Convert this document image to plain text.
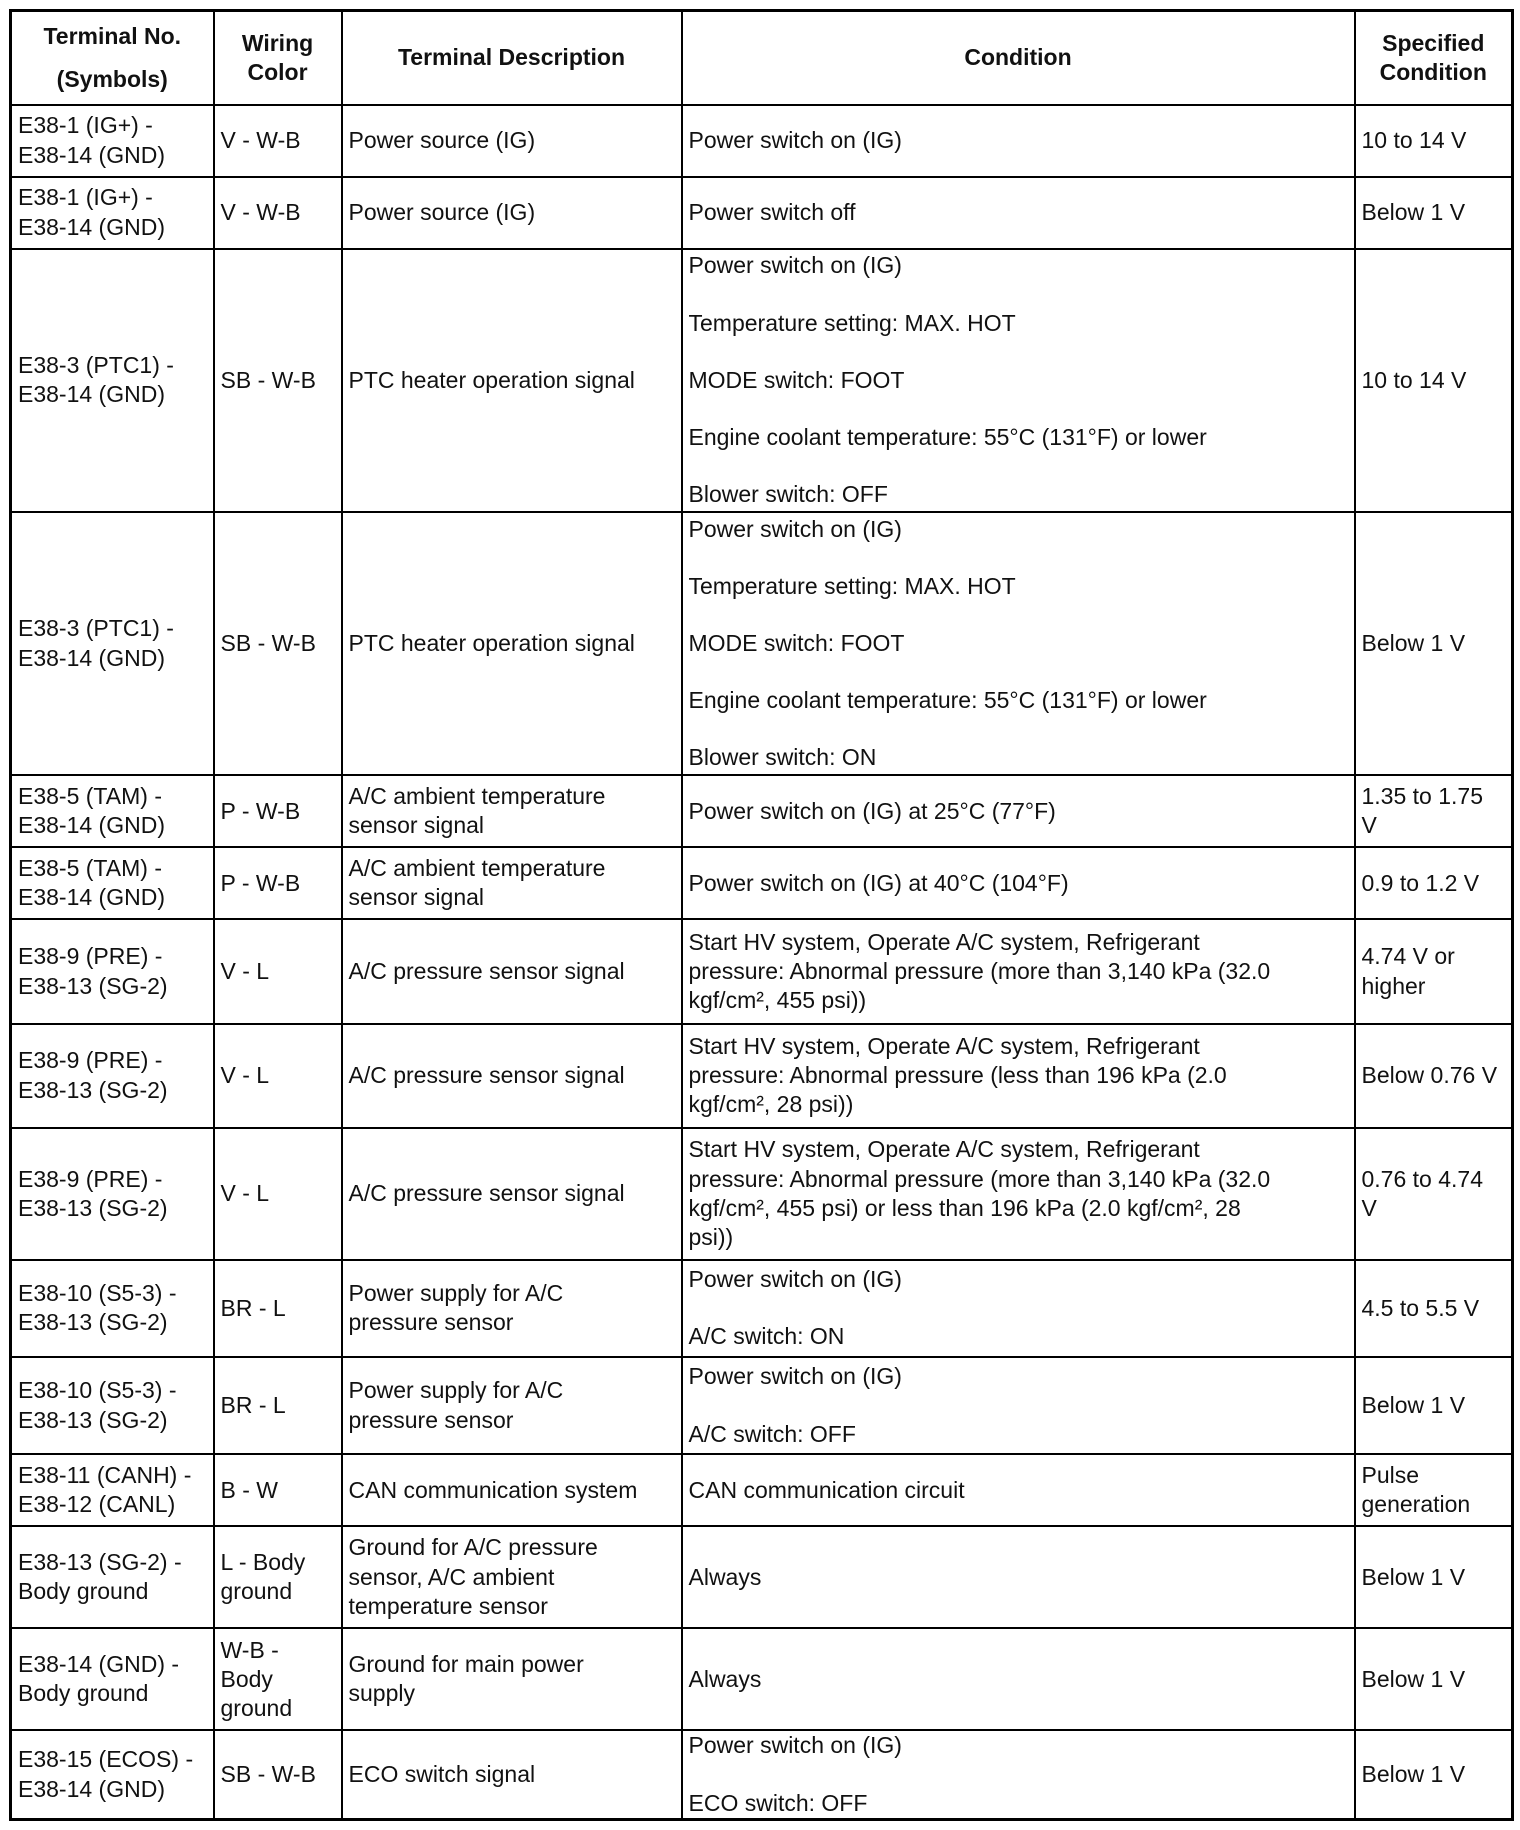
Terminal No.
(Symbols)	Wiring Color	Terminal Description	Condition	Specified Condition

E38-1 (IG+) -
E38-14 (GND)	V - W-B	Power source (IG)	Power switch on (IG)	10 to 14 V

E38-1 (IG+) -
E38-14 (GND)	V - W-B	Power source (IG)	Power switch off	Below 1 V

E38-3 (PTC1) -
E38-14 (GND)	SB - W-B	PTC heater operation signal	Power switch on (IG)
Temperature setting: MAX. HOT
MODE switch: FOOT
Engine coolant temperature: 55°C (131°F) or lower
Blower switch: OFF	10 to 14 V

E38-3 (PTC1) -
E38-14 (GND)	SB - W-B	PTC heater operation signal	Power switch on (IG)
Temperature setting: MAX. HOT
MODE switch: FOOT
Engine coolant temperature: 55°C (131°F) or lower
Blower switch: ON	Below 1 V

E38-5 (TAM) -
E38-14 (GND)	P - W-B	A/C ambient temperature
sensor signal	Power switch on (IG) at 25°C (77°F)	1.35 to 1.75
V

E38-5 (TAM) -
E38-14 (GND)	P - W-B	A/C ambient temperature
sensor signal	Power switch on (IG) at 40°C (104°F)	0.9 to 1.2 V

E38-9 (PRE) -
E38-13 (SG-2)	V - L	A/C pressure sensor signal	Start HV system, Operate A/C system, Refrigerant
pressure: Abnormal pressure (more than 3,140 kPa (32.0
kgf/cm², 455 psi))	4.74 V or
higher

E38-9 (PRE) -
E38-13 (SG-2)	V - L	A/C pressure sensor signal	Start HV system, Operate A/C system, Refrigerant
pressure: Abnormal pressure (less than 196 kPa (2.0
kgf/cm², 28 psi))	Below 0.76 V

E38-9 (PRE) -
E38-13 (SG-2)	V - L	A/C pressure sensor signal	Start HV system, Operate A/C system, Refrigerant
pressure: Abnormal pressure (more than 3,140 kPa (32.0
kgf/cm², 455 psi) or less than 196 kPa (2.0 kgf/cm², 28
psi))	0.76 to 4.74
V

E38-10 (S5-3) -
E38-13 (SG-2)	BR - L	Power supply for A/C
pressure sensor	Power switch on (IG)
A/C switch: ON	4.5 to 5.5 V

E38-10 (S5-3) -
E38-13 (SG-2)	BR - L	Power supply for A/C
pressure sensor	Power switch on (IG)
A/C switch: OFF	Below 1 V

E38-11 (CANH) -
E38-12 (CANL)	B - W	CAN communication system	CAN communication circuit	Pulse
generation

E38-13 (SG-2) -
Body ground	L - Body
ground	Ground for A/C pressure
sensor, A/C ambient
temperature sensor	Always	Below 1 V

E38-14 (GND) -
Body ground	W-B -
Body
ground	Ground for main power
supply	Always	Below 1 V

E38-15 (ECOS) -
E38-14 (GND)	SB - W-B	ECO switch signal	Power switch on (IG)
ECO switch: OFF	Below 1 V
